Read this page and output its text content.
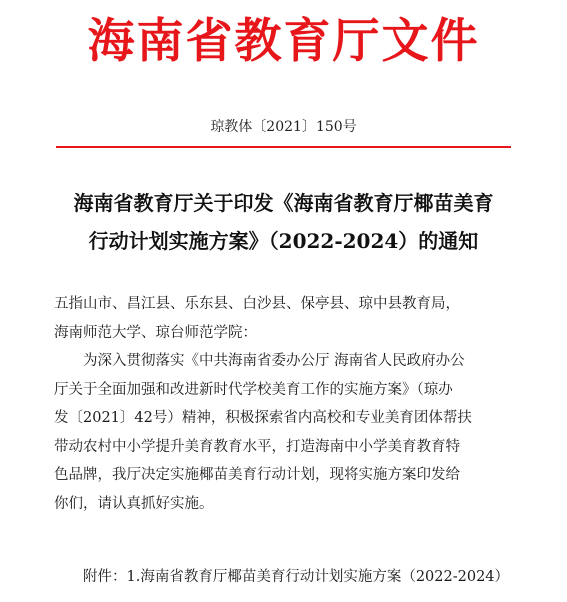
海南省教育厅文件
琼教体〔2021〕150号
海南省教育厅关于印发《海南省教育厅椰苗美育
行动计划实施方案》（2022-2024）的通知
五指山市、昌江县、乐东县、白沙县、保亭县、琼中县教育局，
海南师范大学、琼台师范学院：
为深入贯彻落实《中共海南省委办公厅 海南省人民政府办公
厅关于全面加强和改进新时代学校美育工作的实施方案》（琼办
发〔2021〕42号）精神，积极探索省内高校和专业美育团体帮扶
带动农村中小学提升美育教育水平，打造海南中小学美育教育特
色品牌，我厅决定实施椰苗美育行动计划，现将实施方案印发给
你们，请认真抓好实施。
附件：1.海南省教育厅椰苗美育行动计划实施方案（2022-2024）
